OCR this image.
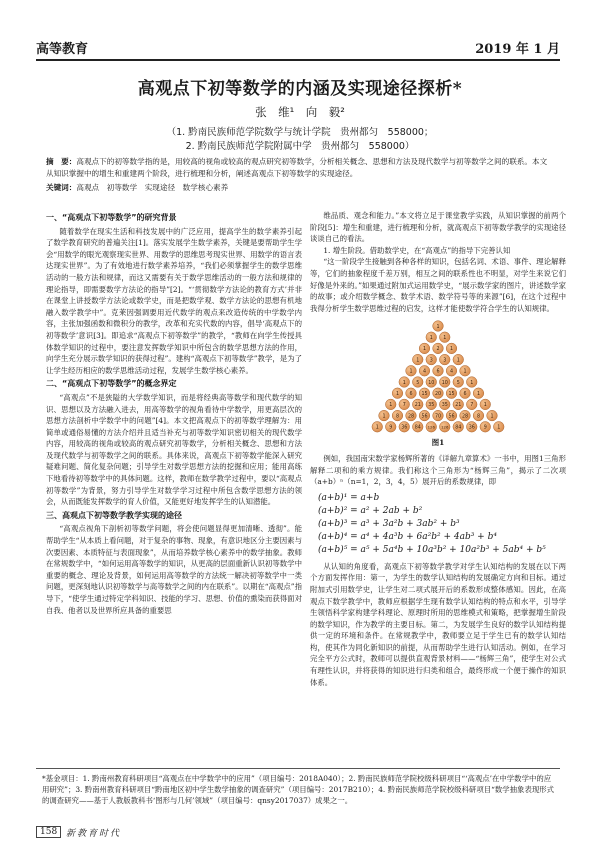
高等教育	2019 年 1 月
高观点下初等数学的内涵及实现途径探析*
张　维¹　向　毅²
（1. 黔南民族师范学院数学与统计学院　贵州都匀　558000；
2. 黔南民族师范学院附属中学　贵州都匀　558000）
摘　要：高观点下的初等数学指的是，用较高的视角或较高的观点研究初等数学，分析相关概念、思想和方法及现代数学与初等数学之间的联系。本文从知识掌握中的增生和重建两个阶段，进行梳理和分析，阐述高观点下初等数学的实现途径。
关键词：高观点　初等数学　实现途径　数学核心素养
一、“高观点下初等数学”的研究背景

随着数学在现实生活和科技发展中的广泛应用，提高学生的数学素养引起了数学教育研究的普遍关注[1]。落实发展学生数学素养，关键是要帮助学生学会“用数学的眼光观察现实世界、用数学的思维思考现实世界、用数学的语言表达现实世界”。为了有效地进行数学素养培养，“我们必须掌握学生的数学思维活动的一般方法和规律，而这又需要有关于数学思维活动的一般方法和规律的理论指导，即需要数学方法论的指导”[2]。“‘贯彻数学方法论的教育方式’并非在课堂上讲授数学方法论或数学史，而是把数学观、数学方法论的思想有机地融入数学教学中”。克莱因强调要用近代数学的观点来改造传统的中学数学内容，主张加强函数和微积分的教学，改革和充实代数的内容，倡导‘高观点下的初等数学’意识[3]。即追求“高观点下初等数学”的教学，“教师在向学生传授具体数学知识的过程中，要注意发挥数学知识中所包含的数学思想方法的作用，向学生充分展示数学知识的获得过程”。建构“高观点下初等数学”教学，是为了让学生经历相应的数学思维活动过程，发展学生数学核心素养。

二、“高观点下初等数学”的概念界定

“高观点”不是狭隘的大学数学知识，而是将经典高等数学和现代数学的知识、思想以及方法融入进去，用高等数学的视角看待中学数学，用更高层次的思想方法剖析中学数学中的问题”[4]。本文把高观点下的初等数学理解为：用简单或通俗易懂的方法介绍并且适当补充与初等数学知识密切相关的现代数学内容，用较高的视角或较高的观点研究初等数学，分析相关概念、思想和方法及现代数学与初等数学之间的联系。具体来说，高观点下初等数学能深入研究疑难问题、简化复杂问题；引导学生对数学思想方法的挖掘和应用；能用高练下地看待初等数学中的具体问题。这样，教师在数学教学过程中，要以“高观点初等数学”为背景，努力引导学生对数学学习过程中所包含数学思想方法的领会，从而既能发挥数学的育人价值，又能更好地发挥学生的认知潜能。

三、高观点下初等数学教学实现的途径

“高观点视角下剖析初等数学问题，将会使问题显得更加清晰、透彻”。能帮助学生“从本质上看问题，对于复杂的事物、现象，有意识地区分主要因素与次要因素、本质特征与表面现象”，从而培养数学核心素养中的数学抽象。教师在常规数学中，“如何运用高等数学的知识，从更高的层面重新认识初等数学中重要的概念、理论及背景，如何运用高等数学的方法统一解决初等数学中一类问题，更深刻地认识初等数学与高等数学之间的内在联系”。以期在“高观点”指导下，“使学生通过特定学科知识、技能的学习、思想、价值的熏染而获得面对自我、他者以及世界所应具备的重要思

维品质、观念和能力。”本文将立足于课堂教学实践，从知识掌握的前两个阶段[5]：增生和重建，进行梳理和分析，就高观点下初等数学教学的实现途径谈谈自己的看法。

1. 增生阶段。借助数学史，在“高观点”的指导下完善认知

“这一阶段学生接触到各种各样的知识，包括名词、术语、事件、理论解释等，它们的抽象程度千差万别，相互之间的联系性也不明显，对学生来说它们好像是外来的。”如果通过附加式运用数学史，“展示数学家的图片，讲述数学家的故事；或介绍数学概念、数学术语、数学符号等的来源”[6]，在这个过程中我得分析学生数学思维过程的启发，这样才能使数学符合学生的认知规律。

1
1 1
1 2 1
1 3 3 1
1 4 6 4 1
1 5 10 10 5 1
1 6 15 20 15 6 1
1 7 21 35 35 21 7 1
1 8 28 56 70 56 28 8 1
1 9 36 84 126 126 84 36 9 1
图1

例如，我国南宋数学家杨辉所著的《详解九章算术》一书中，用图1三角形解释二项和的乘方规律。我们称这个三角形为“杨辉三角”，揭示了二次项（a+b）ⁿ（n=1，2，3，4，5）展开后的系数规律，即

(a+b)¹ = a+b
(a+b)² = a² + 2ab + b²
(a+b)³ = a³ + 3a²b + 3ab² + b³
(a+b)⁴ = a⁴ + 4a³b + 6a²b² + 4ab³ + b⁴
(a+b)⁵ = a⁵ + 5a⁴b + 10a³b² + 10a²b³ + 5ab⁴ + b⁵

从认知的角度看，高观点下初等数学教学对学生认知结构的发展在以下两个方面发挥作用：第一，为学生的数学认知结构的发展确定方向和目标。通过附加式引用数学史，让学生对二项式展开后的系数形成整体感知。因此，在高观点下数学教学中，教师应根据学生现有数学认知结构的特点和水平，引导学生领悟科学家构建学科理论、原理时所用的思维模式和策略，把掌握增生阶段的数学知识，作为教学的主要目标。第二，为发展学生良好的数学认知结构提供一定的环境和条件。在常规教学中，教师要立足于学生已有的数学认知结构，使其作为同化新知识的前提，从而帮助学生进行认知活动。例如，在学习完全平方公式时，教师可以提供直观背景材料——“杨辉三角”，使学生对公式有理性认识，并将获得的知识进行归类和组合，最终形成一个便于操作的知识体系。

*基金项目：1. 黔南州教育科研项目“高观点在中学数学中的应用”（项目编号：2018A040）；2. 黔南民族师范学院校级科研项目“‘高观点’在中学数学中的应用研究”；3. 黔南州教育科研项目“黔南地区初中学生数学抽象的调查研究”（项目编号：2017B210）；4. 黔南民族师范学院校级科研项目“数学抽象表现形式的调查研究——基于人教版教科书‘图形与几何’领域”（项目编号：qnsy2017037）成果之一。
158 新教育时代
